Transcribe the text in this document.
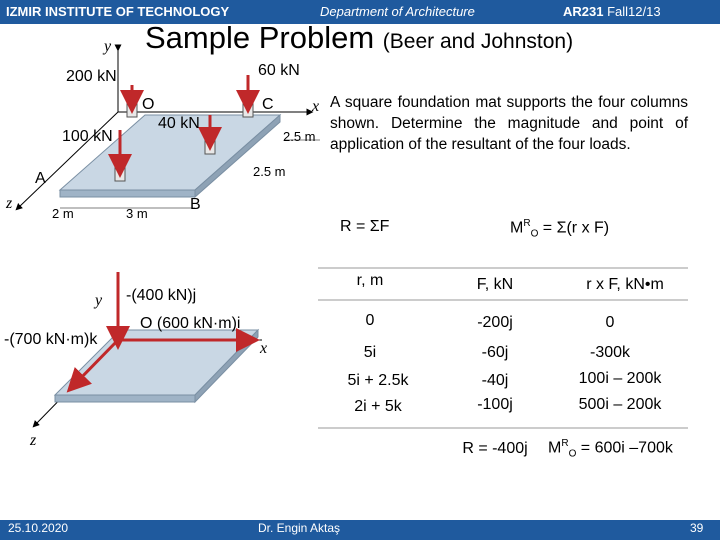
IZMIR INSTITUTE OF TECHNOLOGY	Department of Architecture	AR231 Fall12/13
Sample Problem (Beer and Johnston)
A square foundation mat supports the four columns shown. Determine the magnitude and point of application of the resultant of the four loads.
y
x
z
200 kN	60 kN
40 kN
100 kN
O	C
A
B
2.5 m
2.5 m
2 m	3 m
y
x
z
-(400 kN)j
O (600 kN·m)i
-(700 kN·m)k
R = ΣF	$M^R_O = \Sigma(r$ x F)
r, m	F, kN	r x F, kN•m
0	-200j	0
5i	-60j	-300k
5i + 2.5k	-40j	100i – 200k
2i + 5k	-100j	500i – 200k
R = -400j	$M^R_O = 600i$ –700k
25.10.2020	Dr. Engin Aktaş	39
